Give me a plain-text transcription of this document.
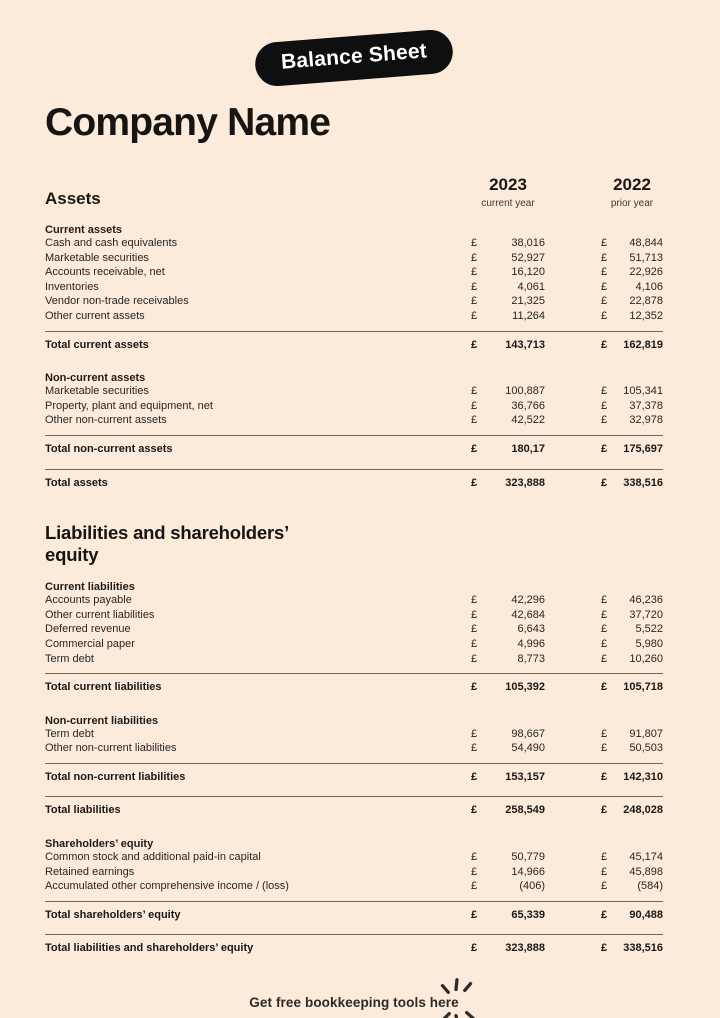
Balance Sheet
Company Name
Assets
2023
current year
2022
prior year
Current assets
Cash and cash equivalents	£	38,016	£ 48,844
Marketable securities	£	52,927	£ 51,713
Accounts receivable, net	£	16,120	£ 22,926
Inventories	£	4,061	£	4,106
Vendor non-trade receivables	£	21,325	£ 22,878
Other current assets	£	11,264	£ 12,352
Total current assets	£	143,713	£ 162,819
Non-current assets
Marketable securities	£	100,887	£ 105,341
Property, plant and equipment, net	£	36,766	£ 37,378
Other non-current assets	£	42,522	£ 32,978
Total non-current assets	£	180,17	£ 175,697
Total assets	£	323,888	£ 338,516
Liabilities and shareholders’ equity
Current liabilities
Accounts payable	£	42,296	£ 46,236
Other current liabilities	£	42,684	£ 37,720
Deferred revenue	£	6,643	£	5,522
Commercial paper	£	4,996	£	5,980
Term debt	£	8,773	£ 10,260
Total current liabilities	£	105,392	£ 105,718
Non-current liabilities
Term debt	£	98,667	£ 91,807
Other non-current liabilities	£	54,490	£ 50,503
Total non-current liabilities	£	153,157	£ 142,310
Total liabilities	£	258,549	£ 248,028
Shareholders’ equity
Common stock and additional paid-in capital	£	50,779	£ 45,174
Retained earnings	£	14,966	£ 45,898
Accumulated other comprehensive income / (loss)	£	(406)	£	(584)
Total shareholders’ equity	£	65,339	£ 90,488
Total liabilities and shareholders’ equity	£	323,888	£ 338,516
Get free bookkeeping tools here
